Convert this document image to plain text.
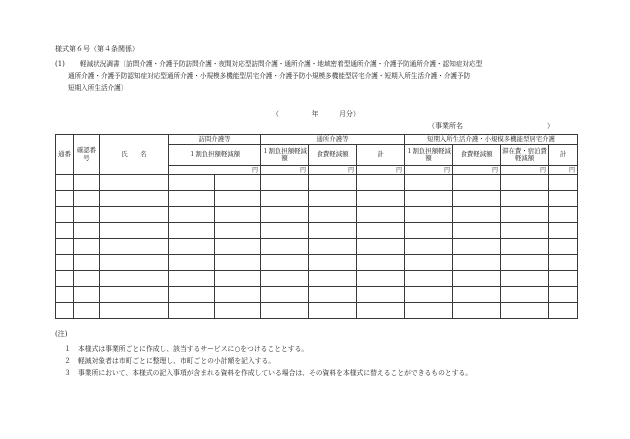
様式第６号（第４条関係）
(1) 軽減状況調書〔訪問介護・介護予防訪問介護・夜間対応型訪問介護・通所介護・地域密着型通所介護・介護予防通所介護・認知症対応型
通所介護・介護予防認知症対応型通所介護・小規模多機能型居宅介護・介護予防小規模多機能型居宅介護・短期入所生活介護・介護予防
短期入所生活介護〕
（	年	月分）
（事業所名　　　　　　　　　　　　）
通番	確認番号	氏　　名	訪問介護等		通所介護等			短期入所生活介護・小規模多機能型居宅介護			
			１割負担額軽減額		１割負担額軽減額	食費軽減額	計	１割負担額軽減額	食費軽減額	滞在費・宿泊費軽減額	計
			円		円	円	円	円	円	円	円

(注)
１ 本様式は事業所ごとに作成し、該当するサービスに○をつけることとする。
２ 軽減対象者は市町ごとに整理し、市町ごとの小計額を記入する。
３ 事業所において、本様式の記入事項が含まれる資料を作成している場合は、その資料を本様式に替えることができるものとする。
